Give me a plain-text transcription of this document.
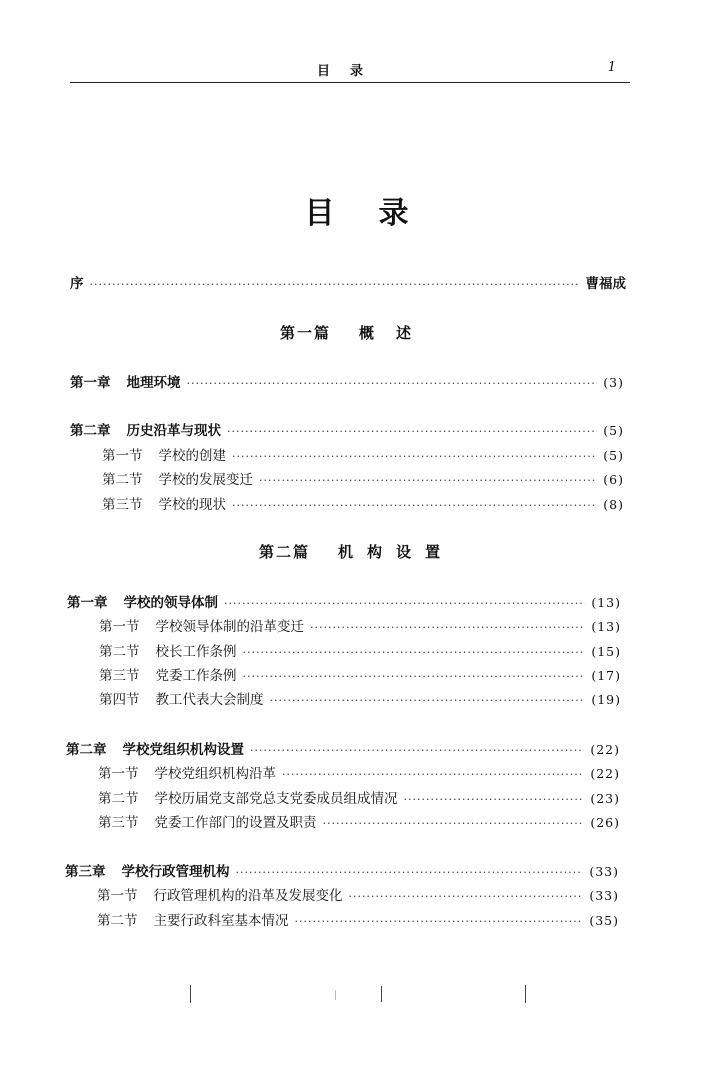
目录	1
目录
序 ·····	曹福成
第一篇 概述
第一章 地理环境 ·····	(3)
第二章 历史沿革与现状 ·····	(5)
第一节 学校的创建 ·····	(5)
第二节 学校的发展变迁 ·····	(6)
第三节 学校的现状 ·····	(8)
第二篇 机构设置
第一章 学校的领导体制 ·····	(13)
第一节 学校领导体制的沿革变迁 ·····	(13)
第二节 校长工作条例 ·····	(15)
第三节 党委工作条例 ·····	(17)
第四节 教工代表大会制度 ·····	(19)
第二章 学校党组织机构设置 ·····	(22)
第一节 学校党组织机构沿革 ·····	(22)
第二节 学校历届党支部党总支党委成员组成情况 ·····	(23)
第三节 党委工作部门的设置及职责 ·····	(26)
第三章 学校行政管理机构 ·····	(33)
第一节 行政管理机构的沿革及发展变化 ·····	(33)
第二节 主要行政科室基本情况 ·····	(35)
